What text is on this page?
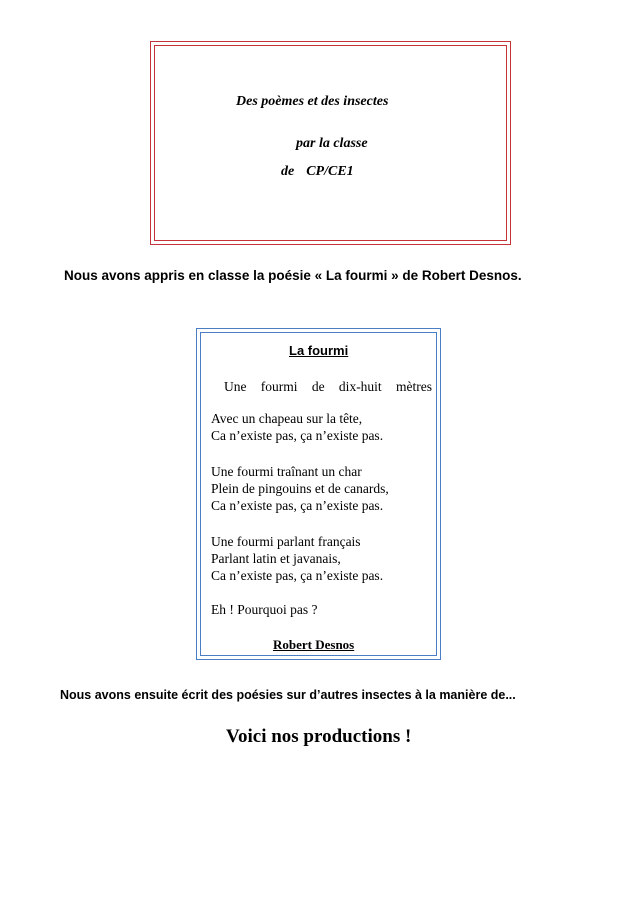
Des poèmes et des insectes
par la classe
de CP/CE1
Nous avons appris en classe la poésie « La fourmi » de Robert Desnos.
La fourmi
Une fourmi de dix-huit mètres
Avec un chapeau sur la tête,
Ca n’existe pas, ça n’existe pas.
Une fourmi traînant un char
Plein de pingouins et de canards,
Ca n’existe pas, ça n’existe pas.
Une fourmi parlant français
Parlant latin et javanais,
Ca n’existe pas, ça n’existe pas.
Eh ! Pourquoi pas ?
Robert Desnos
Nous avons ensuite écrit des poésies sur d’autres insectes à la manière de...
Voici nos productions !
